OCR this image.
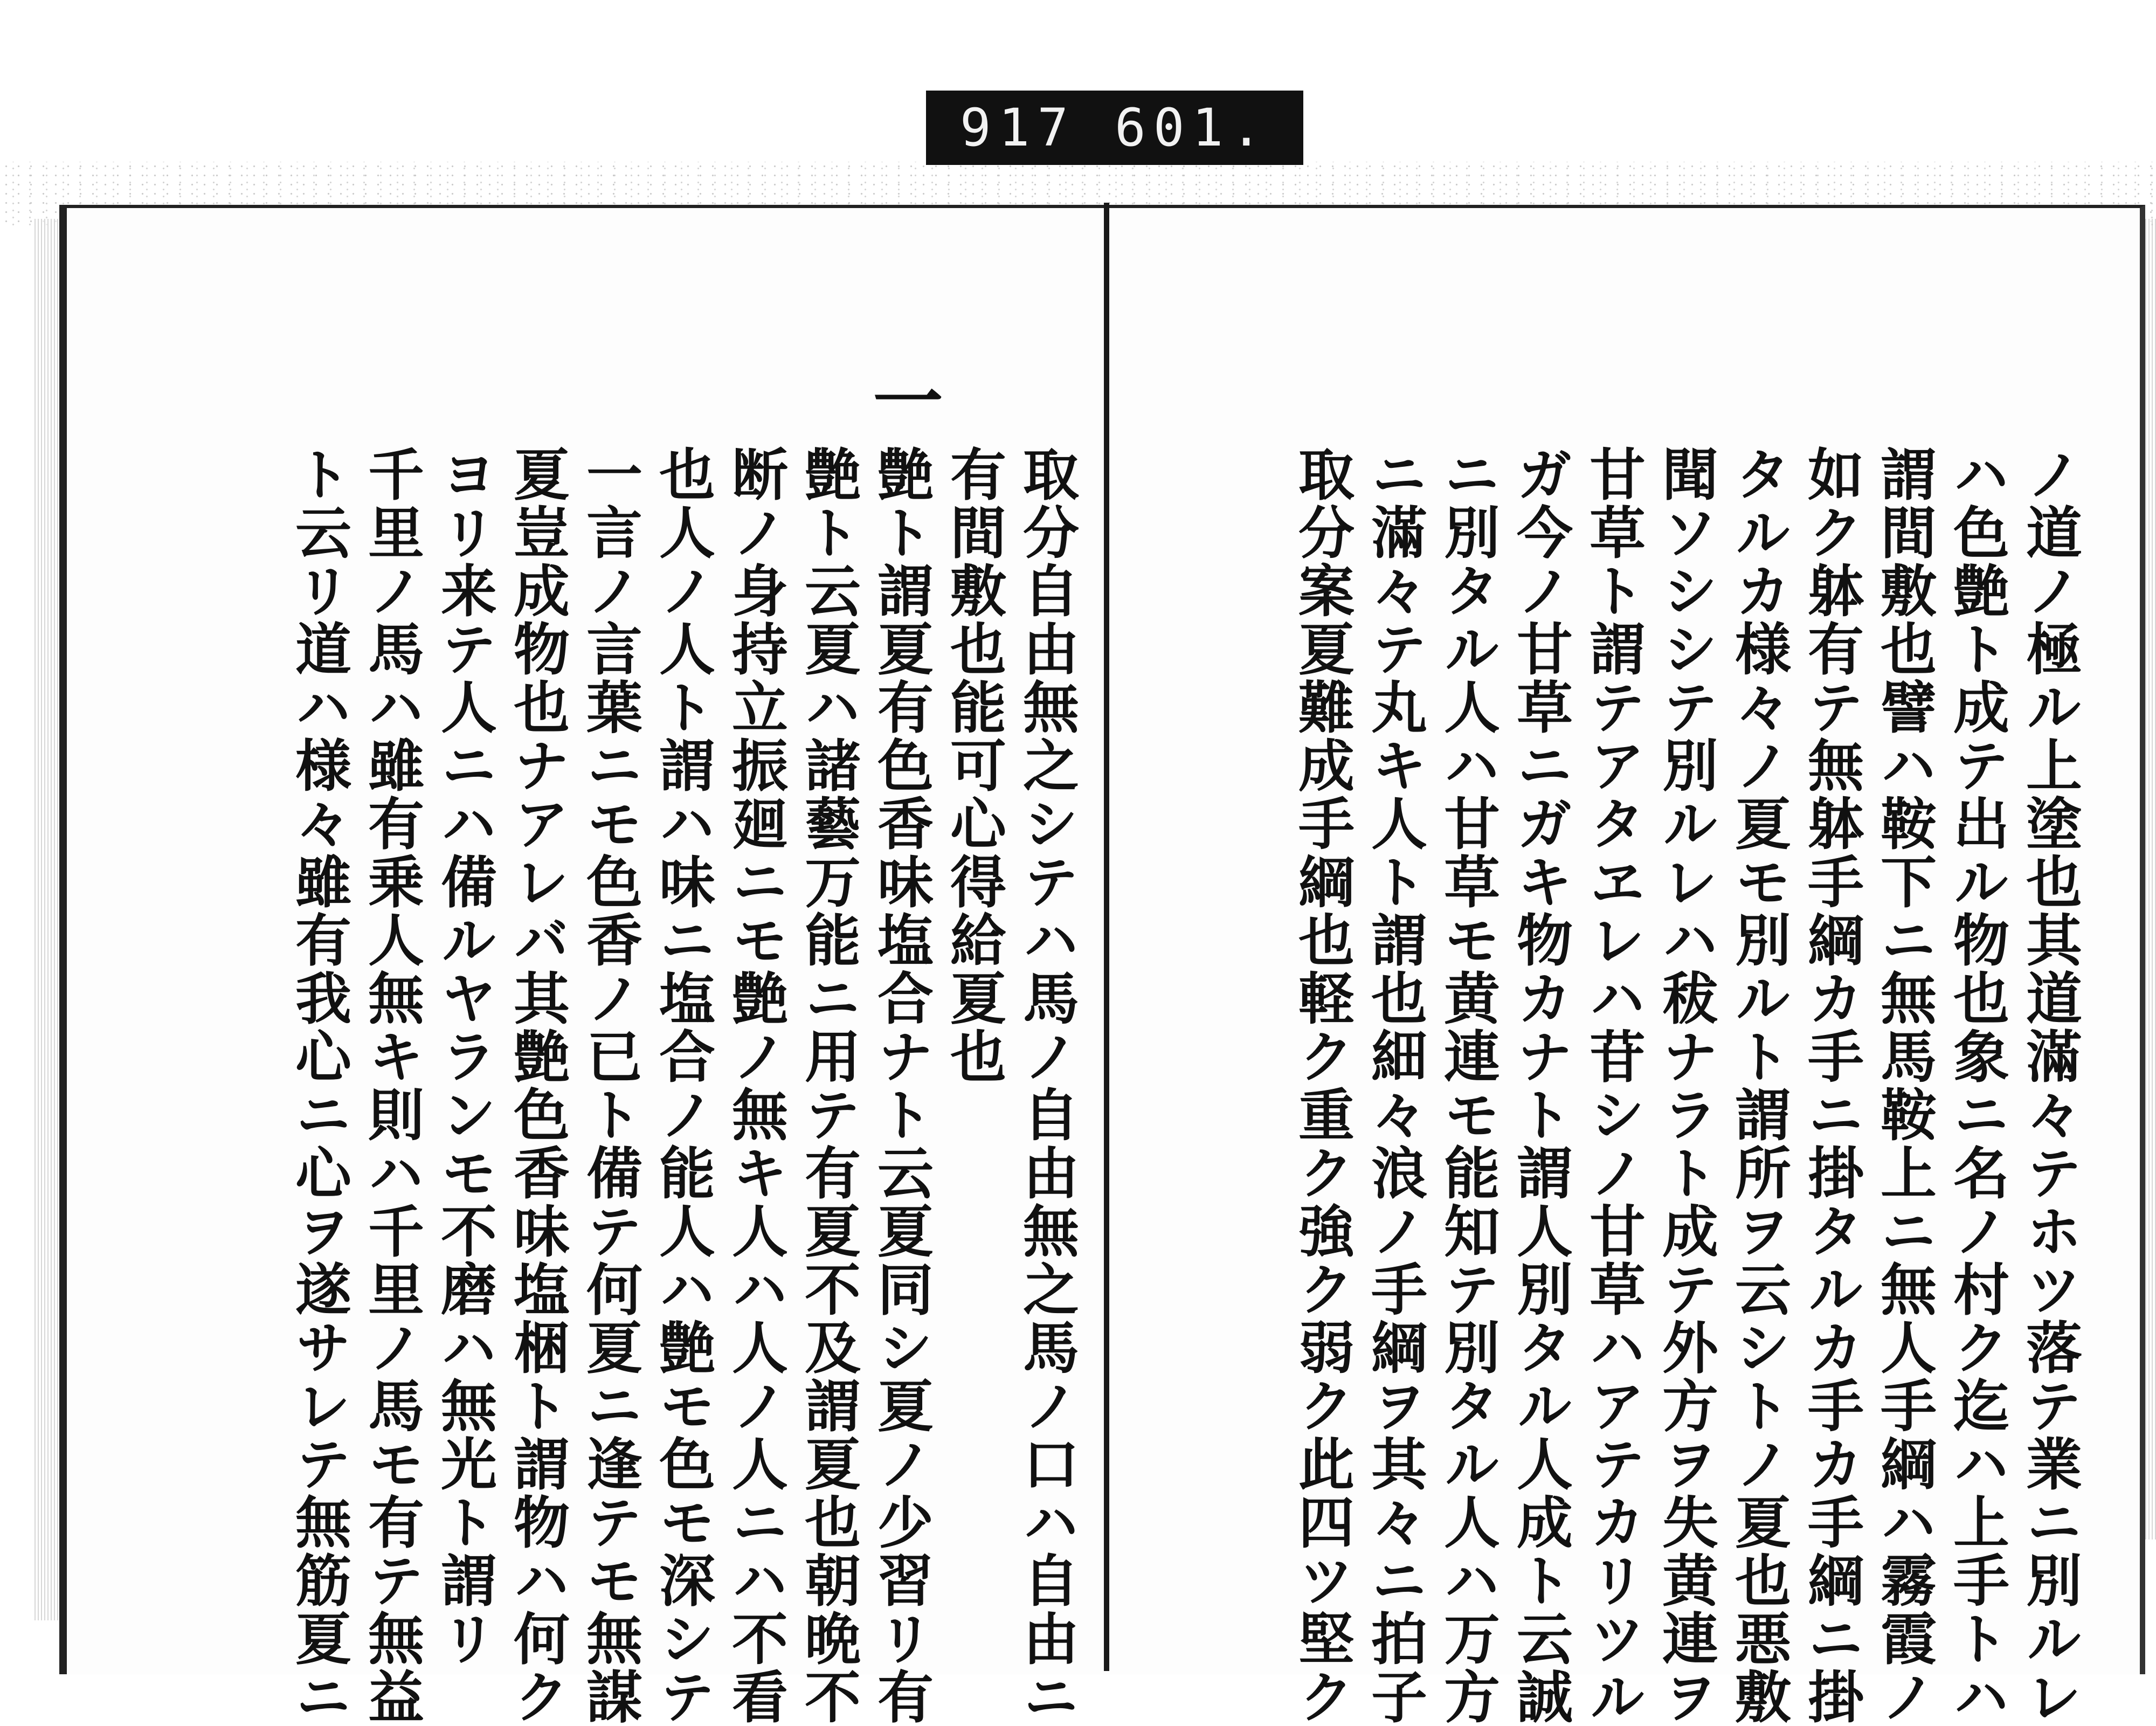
917 601.
取分自由無之シテハ馬ノ自由無之馬ノ口ハ自由ニ
有間敷也能可心得給夏也
一
艶ト謂夏有色香味塩合ナト云夏同シ夏ノ少習リ有
艶ト云夏ハ諸藝万能ニ用テ有夏不及謂夏也朝晩不
断ノ身持立振廻ニモ艶ノ無キ人ハ人ノ人ニハ不看
也人ノ人ト謂ハ味ニ塩合ノ能人ハ艶モ色モ深シテ
一言ノ言葉ニモ色香ノ已ト備テ何夏ニ逢テモ無謀
夏豈成物也ナアレバ其艶色香味塩梱ト謂物ハ何ク
ヨリ来テ人ニハ備ルヤランモ不磨ハ無光ト謂リ
千里ノ馬ハ雖有乗人無キ則ハ千里ノ馬モ有テ無益
ト云リ道ハ様々雖有我心ニ心ヲ遂サレテ無筋夏ニ	ノ道ノ極ル上塗也其道滿々テホツ落テ業ニ別ルレ
ハ色艶ト成テ出ル物也象ニ名ノ村ク迄ハ上手トハ
謂間敷也譬ハ鞍下ニ無馬鞍上ニ無人手綱ハ霧霞ノ
如ク躰有テ無躰手綱カ手ニ掛タルカ手カ手綱ニ掛
タルカ様々ノ夏モ別ルト謂所ヲ云シトノ夏也悪敷
聞ソシシテ別ルレハ秡ナラト成テ外方ヲ失黄連ヲ
甘草ト謂テアタヱレハ苷シノ甘草ハアテカリツル
ガ今ノ甘草ニガキ物カナト謂人別タル人成ト云誠
ニ別タル人ハ甘草モ黄連モ能知テ別タル人ハ万方
ニ滿々テ丸キ人ト謂也細々浪ノ手綱ヲ其々ニ拍子
取分案夏難成手綱也軽ク重ク強ク弱ク此四ツ堅ク
